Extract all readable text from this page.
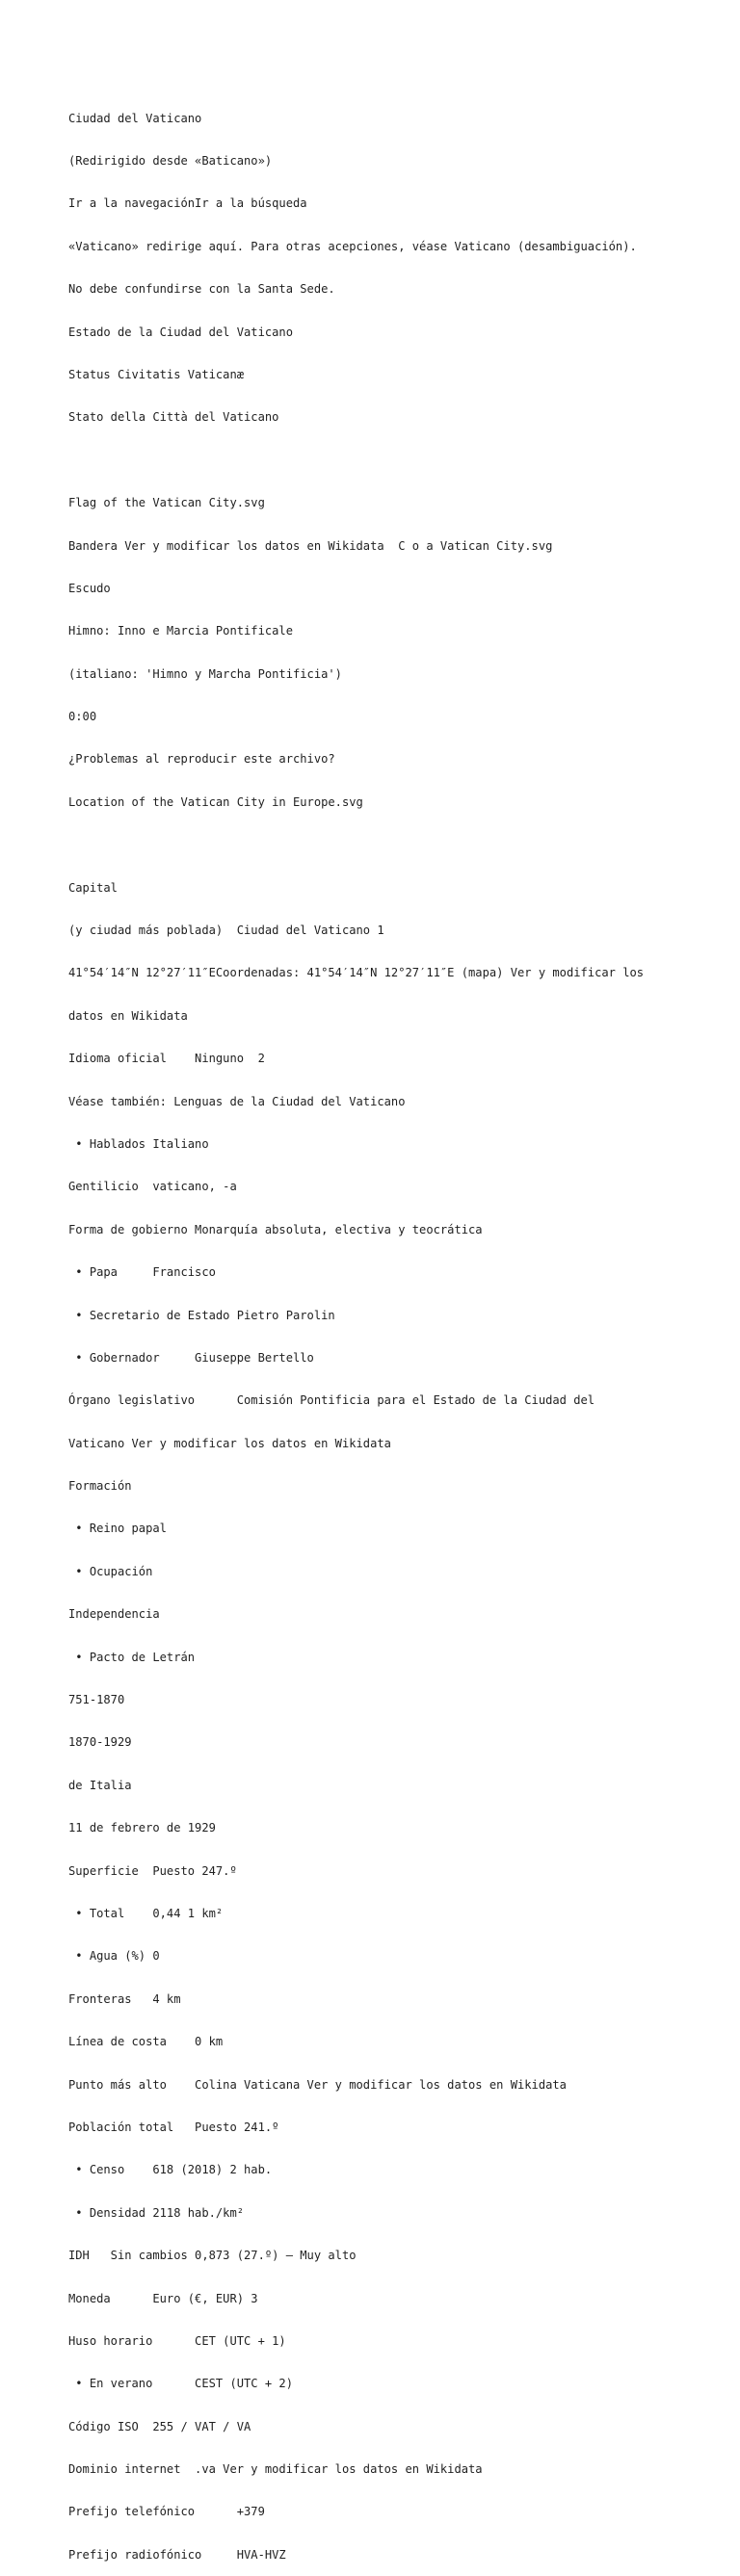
Ciudad del Vaticano

(Redirigido desde «Baticano»)

Ir a la navegaciónIr a la búsqueda

«Vaticano» redirige aquí. Para otras acepciones, véase Vaticano (desambiguación).

No debe confundirse con la Santa Sede.

Estado de la Ciudad del Vaticano

Status Civitatis Vaticanæ

Stato della Città del Vaticano

Flag of the Vatican City.svg

Bandera Ver y modificar los datos en Wikidata  C o a Vatican City.svg

Escudo

Himno: Inno e Marcia Pontificale

(italiano: 'Himno y Marcha Pontificia')

0:00

¿Problemas al reproducir este archivo?

Location of the Vatican City in Europe.svg

Capital

(y ciudad más poblada)  Ciudad del Vaticano 1

41°54′14″N 12°27′11″ECoordenadas: 41°54′14″N 12°27′11″E (mapa) Ver y modificar los

datos en Wikidata

Idioma oficial    Ninguno  2

Véase también: Lenguas de la Ciudad del Vaticano

• Hablados Italiano

Gentilicio  vaticano, -a

Forma de gobierno Monarquía absoluta, electiva y teocrática

• Papa     Francisco

• Secretario de Estado Pietro Parolin

• Gobernador     Giuseppe Bertello

Órgano legislativo      Comisión Pontificia para el Estado de la Ciudad del

Vaticano Ver y modificar los datos en Wikidata

Formación

• Reino papal

• Ocupación

Independencia

• Pacto de Letrán

751-1870

1870-1929

de Italia

11 de febrero de 1929

Superficie  Puesto 247.º

• Total    0,44 1 km²

• Agua (%) 0

Fronteras   4 km

Línea de costa    0 km

Punto más alto    Colina Vaticana Ver y modificar los datos en Wikidata

Población total   Puesto 241.º

• Censo    618 (2018) 2 hab.

• Densidad 2118 hab./km²

IDH   Sin cambios 0,873 (27.º) – Muy alto

Moneda      Euro (€, EUR) 3

Huso horario      CET (UTC + 1)

• En verano      CEST (UTC + 2)

Código ISO  255 / VAT / VA

Dominio internet  .va Ver y modificar los datos en Wikidata

Prefijo telefónico      +379

Prefijo radiofónico     HVA-HVZ
